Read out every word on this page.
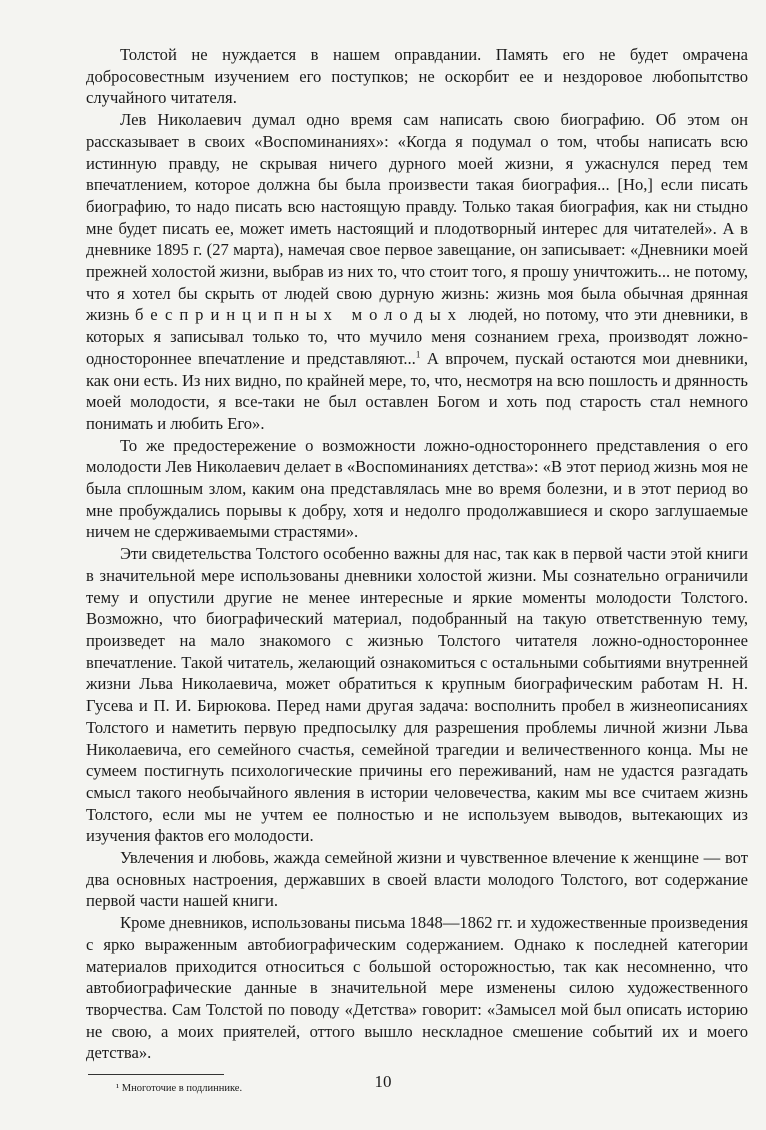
Толстой не нуждается в нашем оправдании. Память его не будет омрачена добросовестным изучением его поступков; не оскорбит ее и нездоровое любопытство случайного читателя.

Лев Николаевич думал одно время сам написать свою биографию. Об этом он рассказывает в своих «Воспоминаниях»: «Когда я подумал о том, чтобы написать всю истинную правду, не скрывая ничего дурного моей жизни, я ужаснулся перед тем впечатлением, которое должна бы была произвести такая биография... [Но,] если писать биографию, то надо писать всю настоящую правду. Только такая биография, как ни стыдно мне будет писать ее, может иметь настоящий и плодотворный интерес для читателей». А в дневнике 1895 г. (27 марта), намечая свое первое завещание, он записывает: «Дневники моей прежней холостой жизни, выбрав из них то, что стоит того, я прошу уничтожить... не потому, что я хотел бы скрыть от людей свою дурную жизнь: жизнь моя была обычная дрянная жизнь беспринципных молодых людей, но потому, что эти дневники, в которых я записывал только то, что мучило меня сознанием греха, производят ложно-одностороннее впечатление и представляют...$^1$ А впрочем, пускай остаются мои дневники, как они есть. Из них видно, по крайней мере, то, что, несмотря на всю пошлость и дрянность моей молодости, я все-таки не был оставлен Богом и хоть под старость стал немного понимать и любить Его».

То же предостережение о возможности ложно-одностороннего представления о его молодости Лев Николаевич делает в «Воспоминаниях детства»: «В этот период жизнь моя не была сплошным злом, каким она представлялась мне во время болезни, и в этот период во мне пробуждались порывы к добру, хотя и недолго продолжавшиеся и скоро заглушаемые ничем не сдерживаемыми страстями».

Эти свидетельства Толстого особенно важны для нас, так как в первой части этой книги в значительной мере использованы дневники холостой жизни. Мы сознательно ограничили тему и опустили другие не менее интересные и яркие моменты молодости Толстого. Возможно, что биографический материал, подобранный на такую ответственную тему, произведет на мало знакомого с жизнью Толстого читателя ложно-одностороннее впечатление. Такой читатель, желающий ознакомиться с остальными событиями внутренней жизни Льва Николаевича, может обратиться к крупным биографическим работам Н. Н. Гусева и П. И. Бирюкова. Перед нами другая задача: восполнить пробел в жизнеописаниях Толстого и наметить первую предпосылку для разрешения проблемы личной жизни Льва Николаевича, его семейного счастья, семейной трагедии и величественного конца. Мы не сумеем постигнуть психологические причины его переживаний, нам не удастся разгадать смысл такого необычайного явления в истории человечества, каким мы все считаем жизнь Толстого, если мы не учтем ее полностью и не используем выводов, вытекающих из изучения фактов его молодости.

Увлечения и любовь, жажда семейной жизни и чувственное влечение к женщине — вот два основных настроения, державших в своей власти молодого Толстого, вот содержание первой части нашей книги.

Кроме дневников, использованы письма 1848—1862 гг. и художественные произведения с ярко выраженным автобиографическим содержанием. Однако к последней категории материалов приходится относиться с большой осторожностью, так как несомненно, что автобиографические данные в значительной мере изменены силою художественного творчества. Сам Толстой по поводу «Детства» говорит: «Замысел мой был описать историю не свою, а моих приятелей, оттого вышло нескладное смешение событий их и моего детства».

¹ Многоточие в подлиннике.	10
